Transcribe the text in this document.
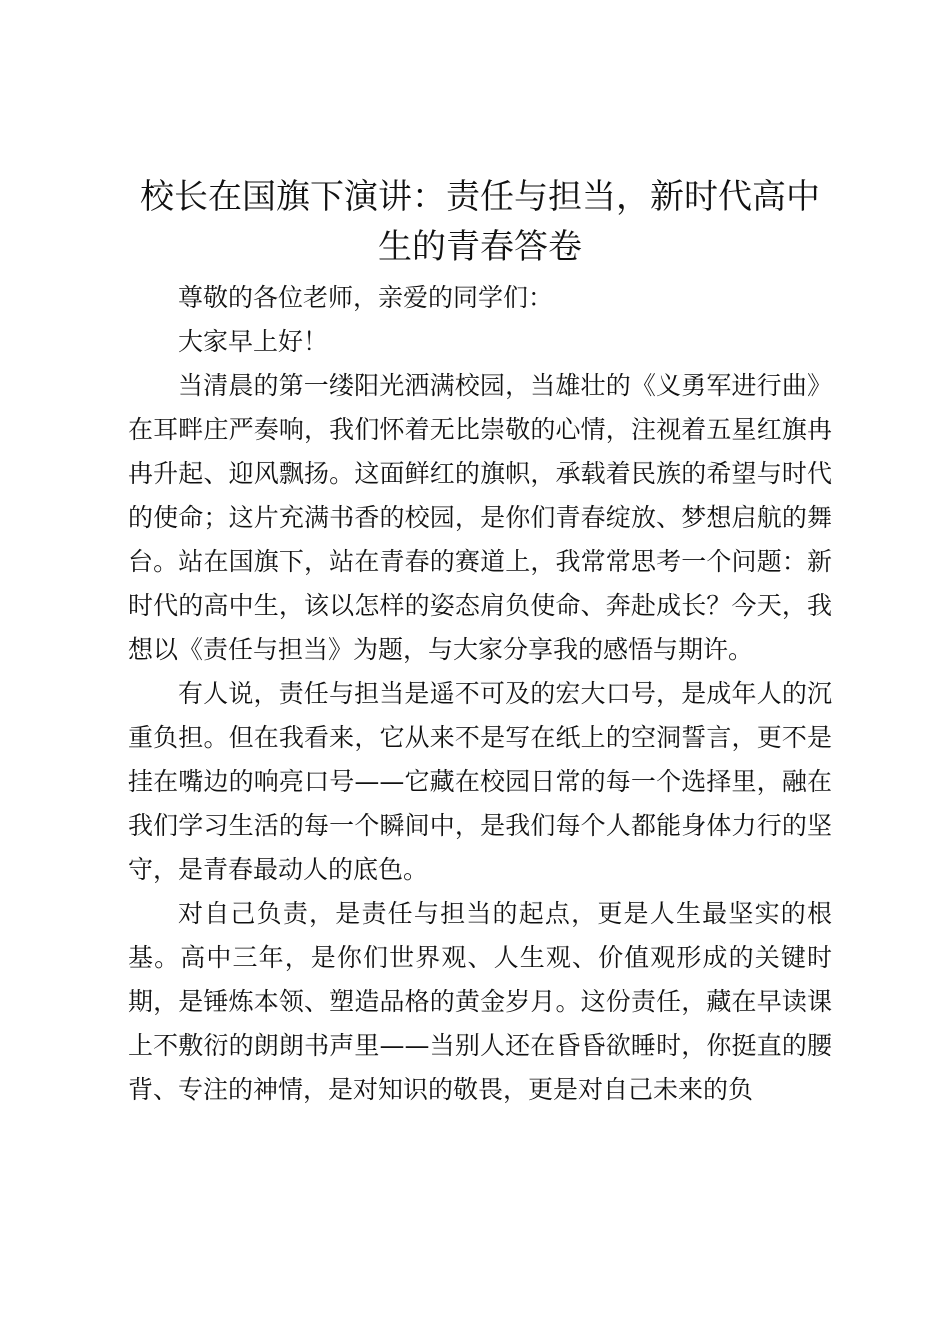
校长在国旗下演讲：责任与担当，新时代高中生的青春答卷

尊敬的各位老师，亲爱的同学们：

大家早上好！

当清晨的第一缕阳光洒满校园，当雄壮的《义勇军进行曲》在耳畔庄严奏响，我们怀着无比崇敬的心情，注视着五星红旗冉冉升起、迎风飘扬。这面鲜红的旗帜，承载着民族的希望与时代的使命；这片充满书香的校园，是你们青春绽放、梦想启航的舞台。站在国旗下，站在青春的赛道上，我常常思考一个问题：新时代的高中生，该以怎样的姿态肩负使命、奔赴成长？今天，我想以《责任与担当》为题，与大家分享我的感悟与期许。

有人说，责任与担当是遥不可及的宏大口号，是成年人的沉重负担。但在我看来，它从来不是写在纸上的空洞誓言，更不是挂在嘴边的响亮口号——它藏在校园日常的每一个选择里，融在我们学习生活的每一个瞬间中，是我们每个人都能身体力行的坚守，是青春最动人的底色。

对自己负责，是责任与担当的起点，更是人生最坚实的根基。高中三年，是你们世界观、人生观、价值观形成的关键时期，是锤炼本领、塑造品格的黄金岁月。这份责任，藏在早读课上不敷衍的朗朗书声里——当别人还在昏昏欲睡时，你挺直的腰背、专注的神情，是对知识的敬畏，更是对自己未来的负
